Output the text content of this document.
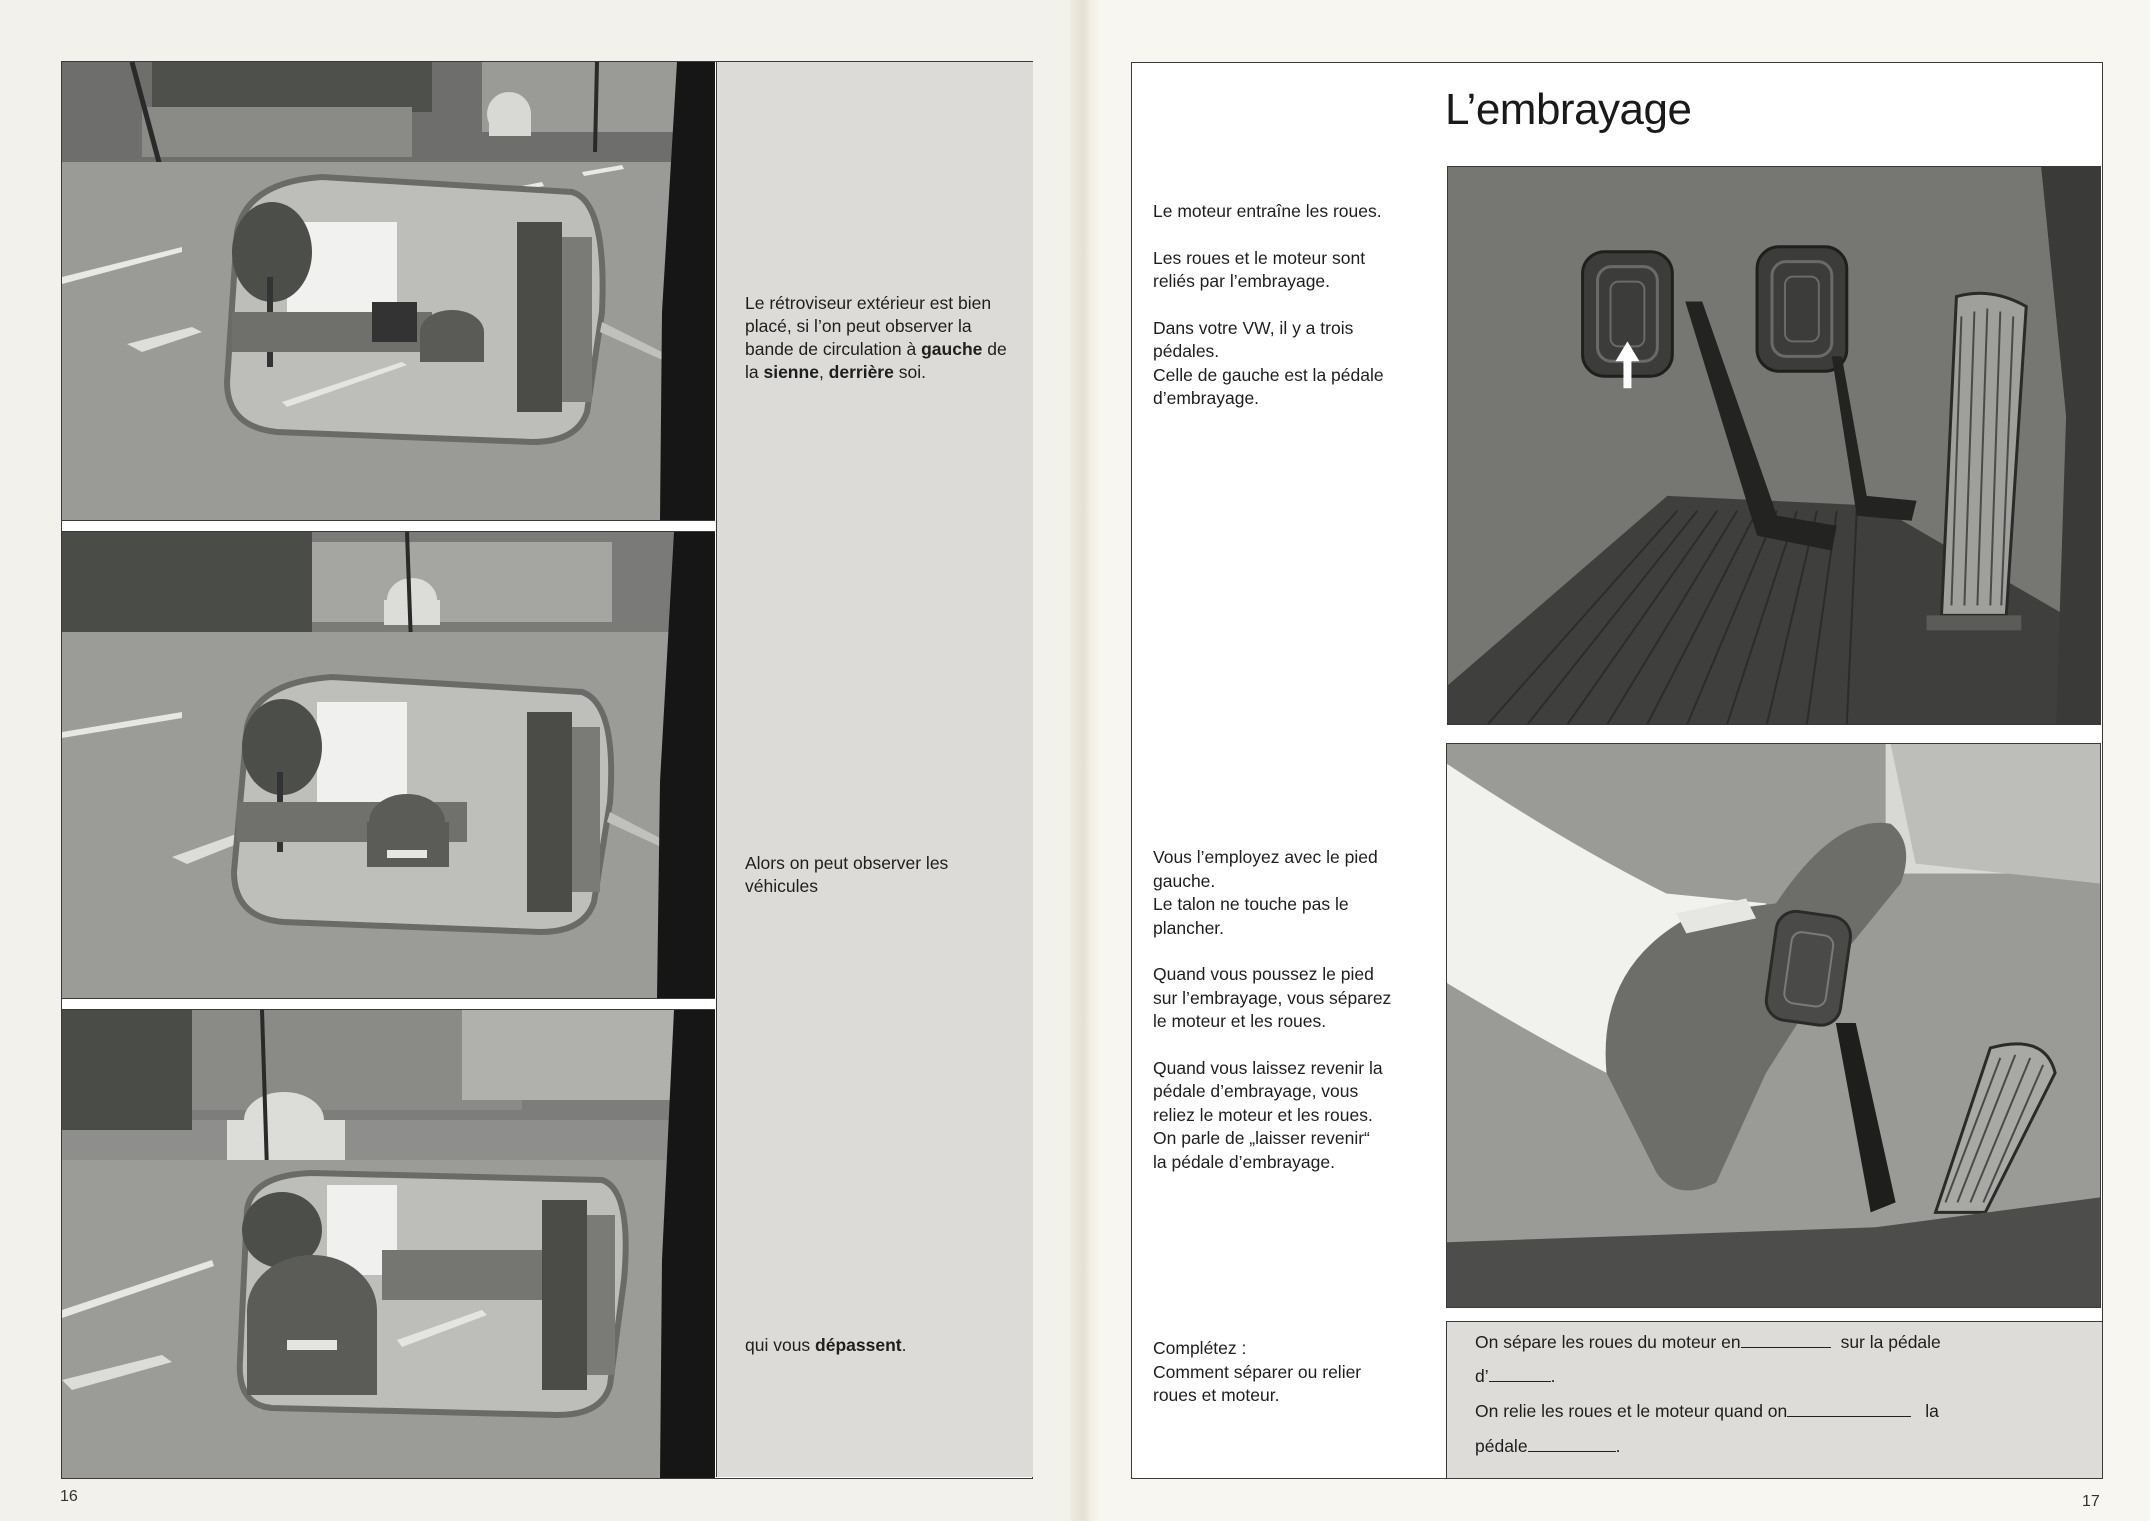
Le rétroviseur extérieur est bien placé, si l’on peut observer la bande de circulation à gauche de la sienne, derrière soi.
Alors on peut observer les véhicules
qui vous dépassent.
16
L’embrayage

Le moteur entraîne les roues.

Les roues et le moteur sont
reliés par l’embrayage.

Dans votre VW, il y a trois
pédales.
Celle de gauche est la pédale
d’embrayage.

Vous l’employez avec le pied
gauche.
Le talon ne touche pas le
plancher.

Quand vous poussez le pied
sur l’embrayage, vous séparez
le moteur et les roues.

Quand vous laissez revenir la
pédale d’embrayage, vous
reliez le moteur et les roues.
On parle de „laisser revenir“
la pédale d’embrayage.

Complétez :
Comment séparer ou relier
roues et moteur.
On sépare les roues du moteur en	sur la pédale
d’	.
On relie les roues et le moteur quand on	la
pédale	.
17
